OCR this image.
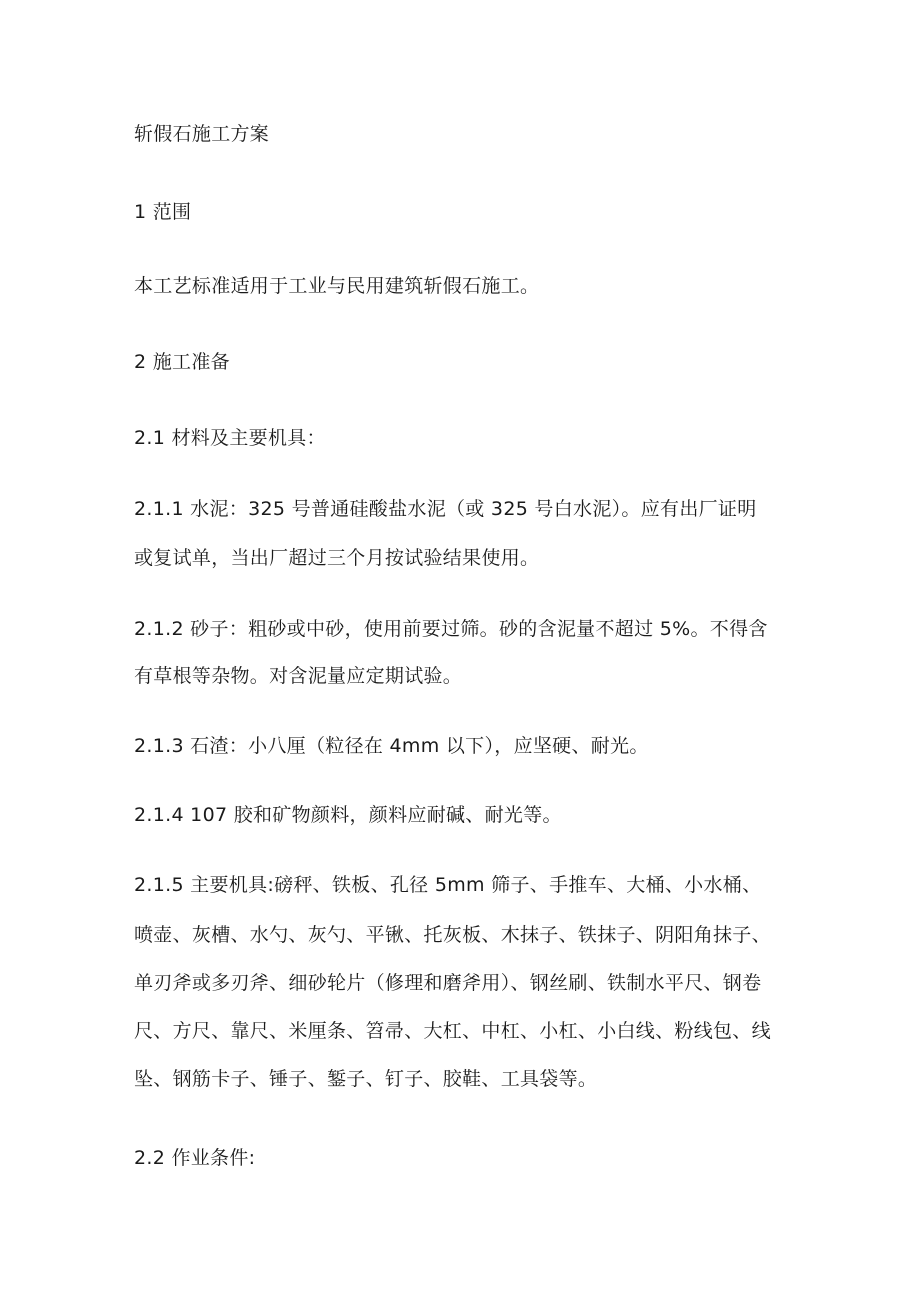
斩假石施工方案
1 范围
本工艺标准适用于工业与民用建筑斩假石施工。
2 施工准备
2.1 材料及主要机具：
2.1.1 水泥：325 号普通硅酸盐水泥（或 325 号白水泥）。应有出厂证明
或复试单，当出厂超过三个月按试验结果使用。
2.1.2 砂子：粗砂或中砂，使用前要过筛。砂的含泥量不超过 5%。不得含
有草根等杂物。对含泥量应定期试验。
2.1.3 石渣：小八厘（粒径在 4mm 以下），应坚硬、耐光。
2.1.4 107 胶和矿物颜料，颜料应耐碱、耐光等。
2.1.5 主要机具:磅秤、铁板、孔径 5mm 筛子、手推车、大桶、小水桶、
喷壶、灰槽、水勺、灰勺、平锹、托灰板、木抹子、铁抹子、阴阳角抹子、
单刃斧或多刃斧、细砂轮片（修理和磨斧用）、钢丝刷、铁制水平尺、钢卷
尺、方尺、靠尺、米厘条、笤帚、大杠、中杠、小杠、小白线、粉线包、线
坠、钢筋卡子、锤子、錾子、钉子、胶鞋、工具袋等。
2.2 作业条件:
